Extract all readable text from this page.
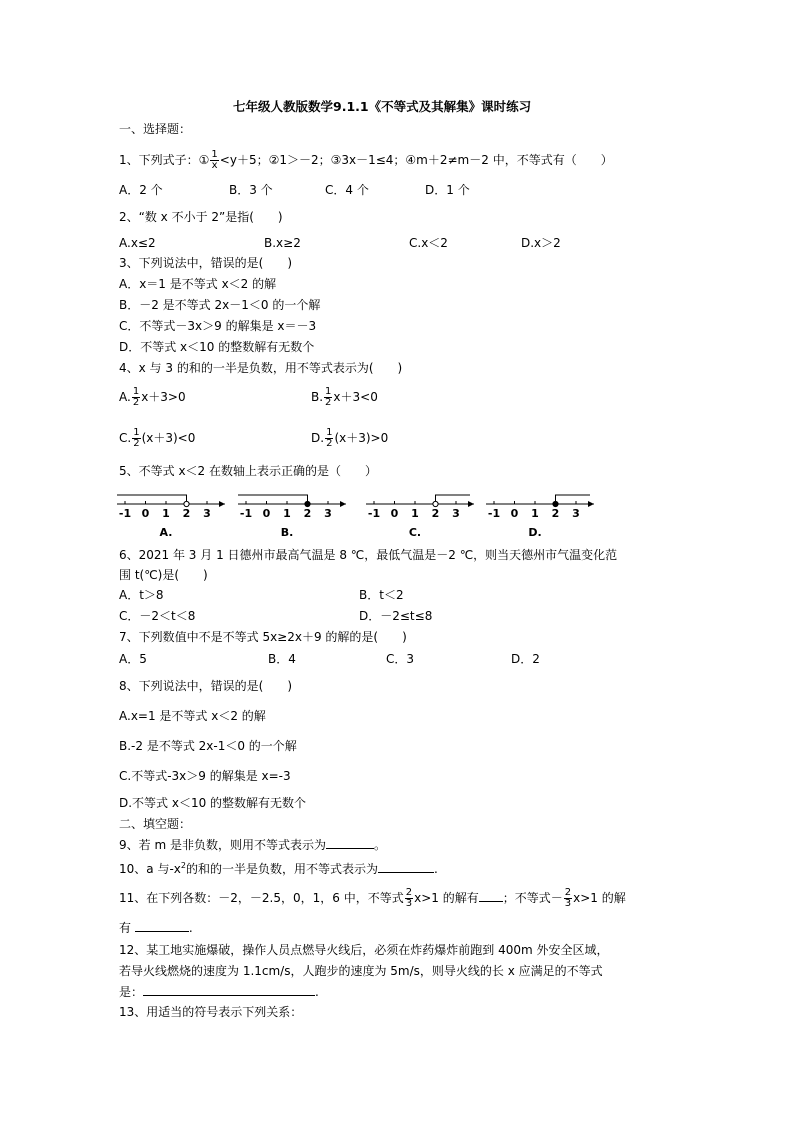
七年级人教版数学9.1.1《不等式及其解集》课时练习
一、选择题：
1、下列式子：① $\frac{1}{x} <y+5$；②1＞－2；③3x－1≤4；④m＋2≠m－2 中，不等式有（　　）
A．2 个	B．3 个	C．4 个	D．1 个
2、“数 x 不小于 2”是指(　　)
A.x≤2	B.x≥2	C.x＜2	D.x＞2
3、下列说法中，错误的是(　　)
A．x＝1 是不等式 x＜2 的解
B．－2 是不等式 2x－1＜0 的一个解
C．不等式－3x＞9 的解集是 x＝－3
D．不等式 x＜10 的整数解有无数个
4、x 与 3 的和的一半是负数，用不等式表示为(　　)
A. $\frac{1}{2} x+3>0$	B. $\frac{1}{2} x+3<0$
C. $\frac{1}{2} (x+3)<0$	D. $\frac{1}{2} (x+3)>0$
5、不等式 x＜2 在数轴上表示正确的是（　　）
-1 0 1 2 3
A.
-1 0 1 2 3
B.
-1 0 1 2 3
C.
-1 0 1 2 3
D.
6、2021 年 3 月 1 日德州市最高气温是 8 ℃，最低气温是－2 ℃，则当天德州市气温变化范
围 t(℃)是(　　)
A．t＞8	B．t＜2
C．－2＜t＜8	D．－2≤t≤8
7、下列数值中不是不等式 5x≥2x＋9 的解的是(　　)
A．5	B．4	C．3	D．2
8、下列说法中，错误的是(　　)
A.x=1 是不等式 x＜2 的解
B.-2 是不等式 2x-1＜0 的一个解
C.不等式-3x＞9 的解集是 x=-3
D.不等式 x＜10 的整数解有无数个
二、填空题：
9、若 m 是非负数，则用不等式表示为	。
10、a 与$-x^2$的和的一半是负数，用不等式表示为	.
11、在下列各数：－2，－2.5，0，1，6 中，不等式 $\frac{2}{3} x>1$ 的解有 ；不等式－ $\frac{2}{3} x>1$ 的解
有	.
12、某工地实施爆破，操作人员点燃导火线后，必须在炸药爆炸前跑到 400m 外安全区域，
若导火线燃烧的速度为 1.1cm/s，人跑步的速度为 5m/s，则导火线的长 x 应满足的不等式
是：	.
13、用适当的符号表示下列关系：
